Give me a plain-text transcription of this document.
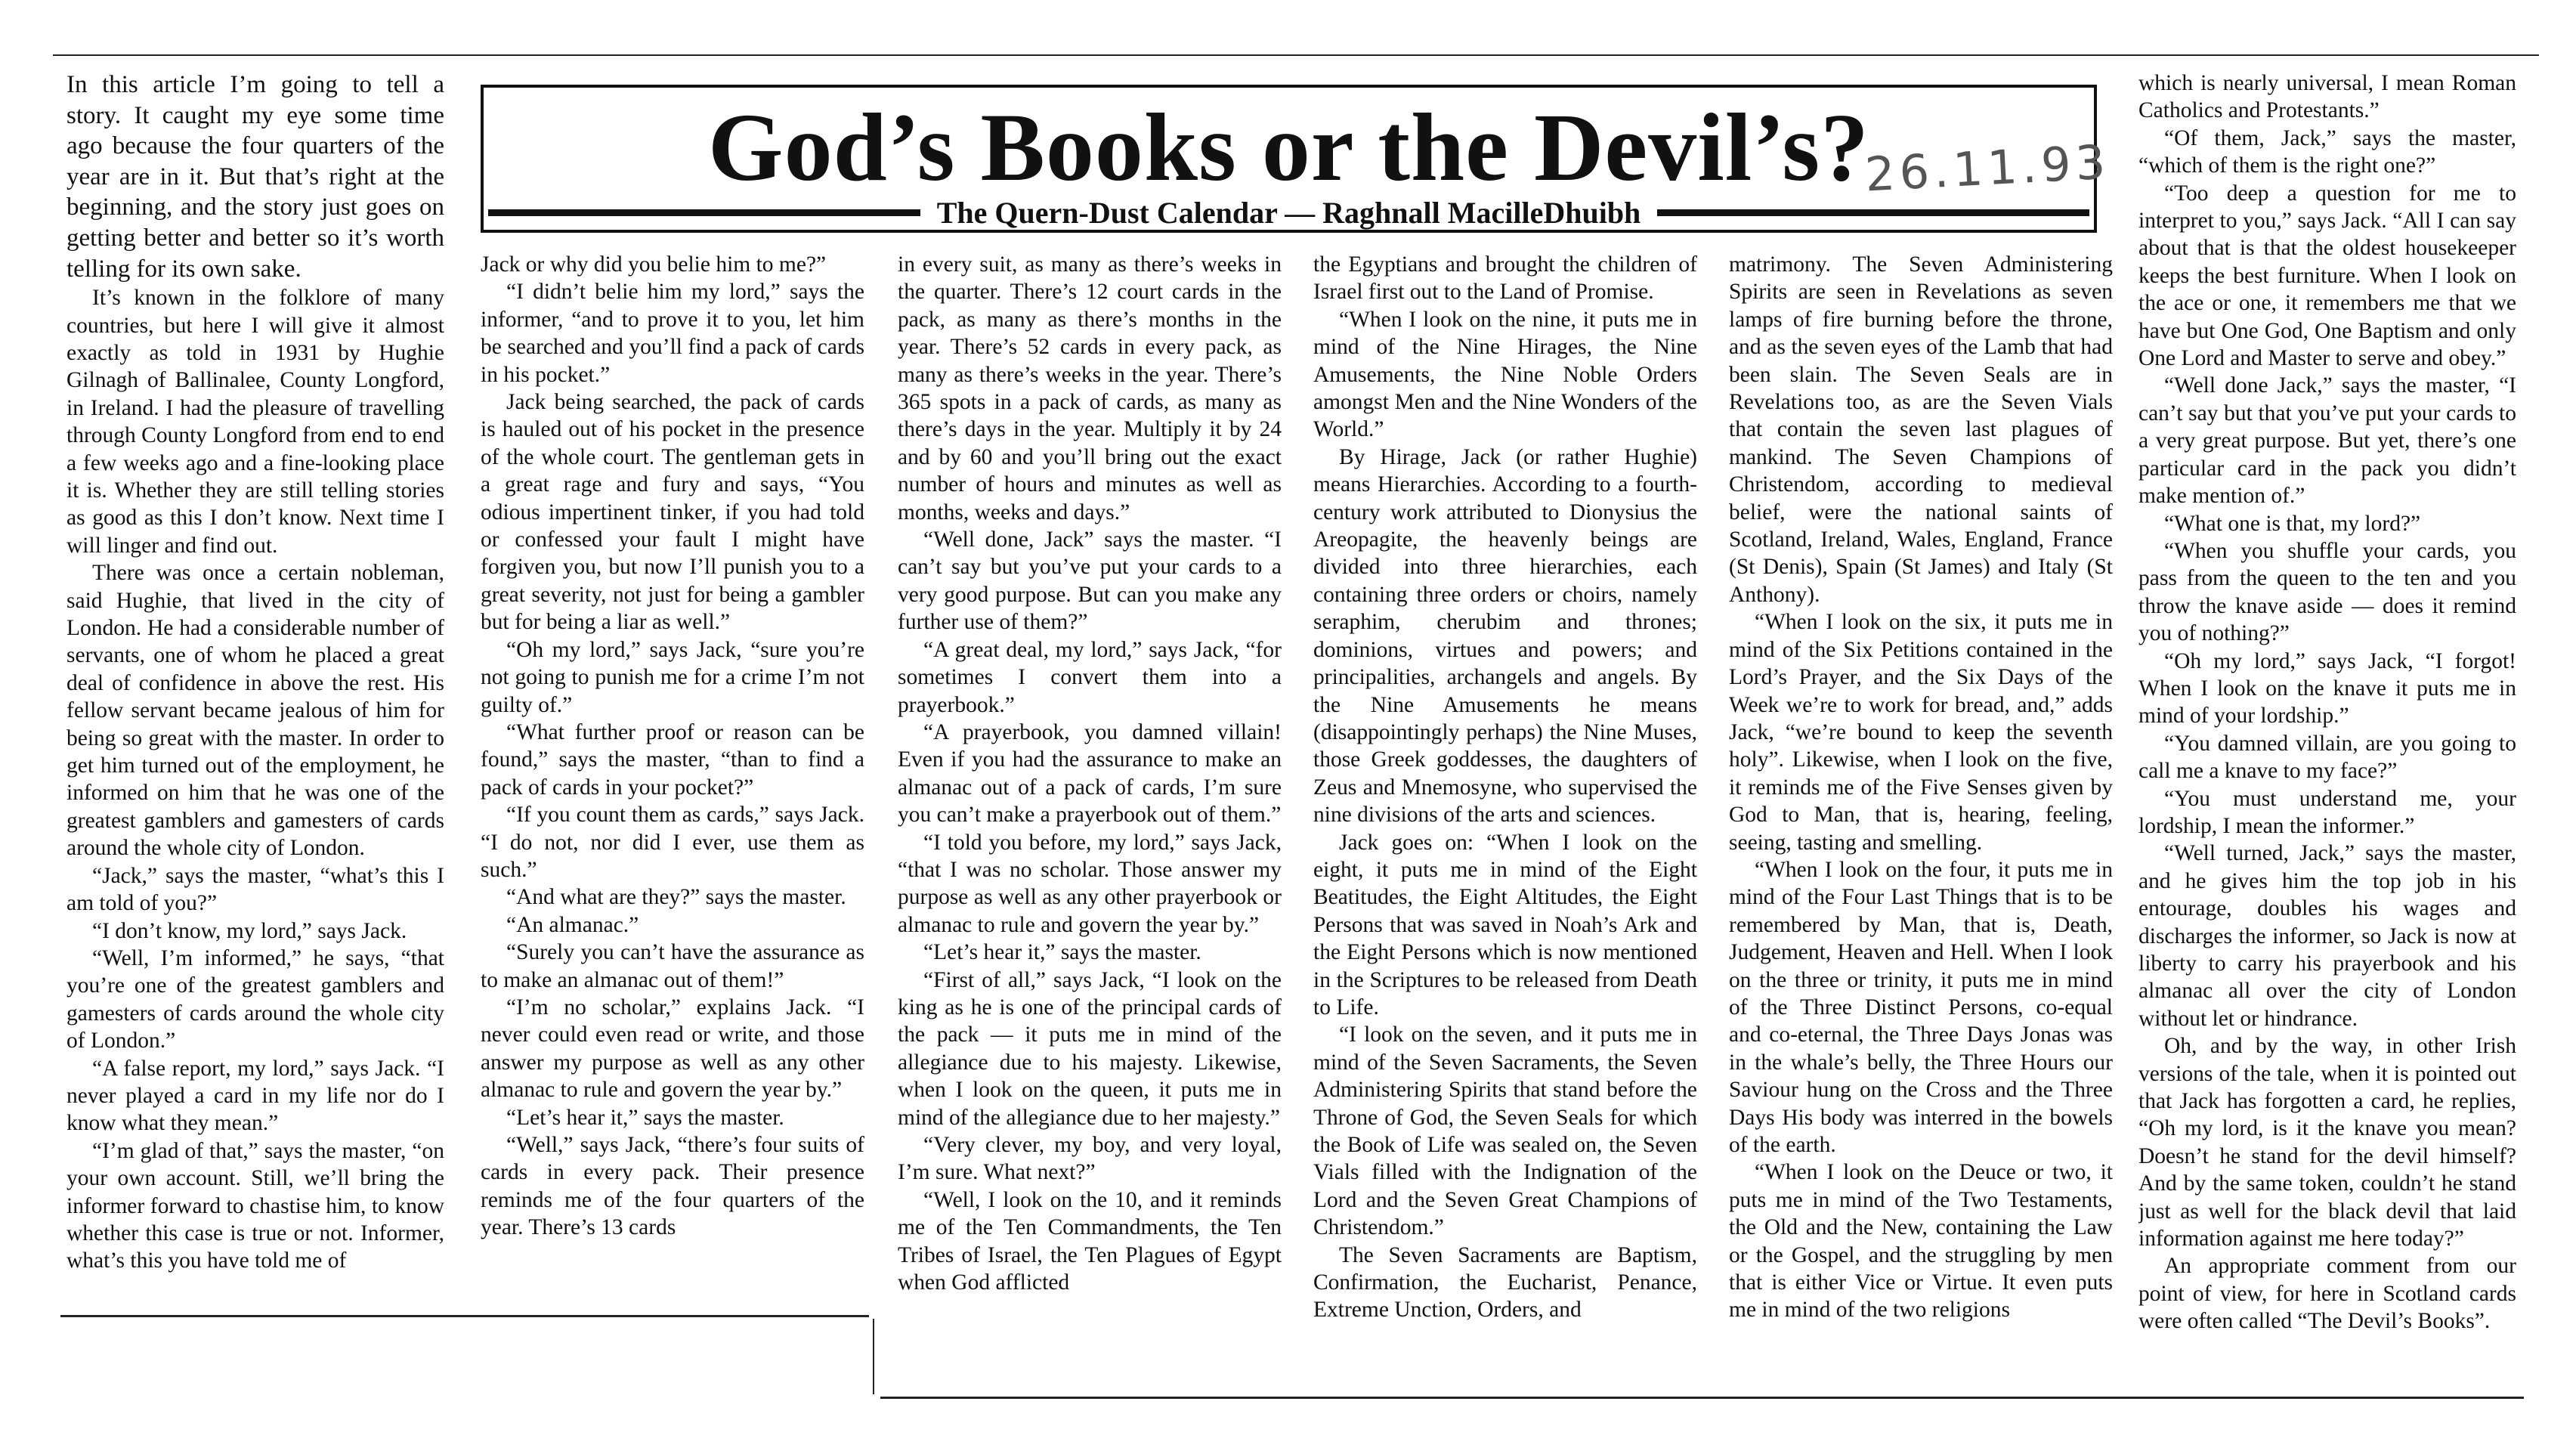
God’s Books or the Devil’s?
The Quern-Dust Calendar — Raghnall MacilleDhuibh
26.11.93

In this article I’m going to tell a story. It caught my eye some time ago because the four quarters of the year are in it. But that’s right at the beginning, and the story just goes on getting better and better so it’s worth telling for its own sake.

It’s known in the folklore of many countries, but here I will give it almost exactly as told in 1931 by Hughie Gilnagh of Ballinalee, County Longford, in Ireland. I had the pleasure of travelling through County Longford from end to end a few weeks ago and a fine-looking place it is. Whether they are still telling stories as good as this I don’t know. Next time I will linger and find out.

There was once a certain nobleman, said Hughie, that lived in the city of London. He had a considerable number of servants, one of whom he placed a great deal of confidence in above the rest. His fellow servant became jealous of him for being so great with the master. In order to get him turned out of the employment, he informed on him that he was one of the greatest gamblers and gamesters of cards around the whole city of London.

“Jack,” says the master, “what’s this I am told of you?”

“I don’t know, my lord,” says Jack.

“Well, I’m informed,” he says, “that you’re one of the greatest gamblers and gamesters of cards around the whole city of London.”

“A false report, my lord,” says Jack. “I never played a card in my life nor do I know what they mean.”

“I’m glad of that,” says the master, “on your own account. Still, we’ll bring the informer forward to chastise him, to know whether this case is true or not. Informer, what’s this you have told me of

Jack or why did you belie him to me?”

“I didn’t belie him my lord,” says the informer, “and to prove it to you, let him be searched and you’ll find a pack of cards in his pocket.”

Jack being searched, the pack of cards is hauled out of his pocket in the presence of the whole court. The gentleman gets in a great rage and fury and says, “You odious impertinent tinker, if you had told or confessed your fault I might have forgiven you, but now I’ll punish you to a great severity, not just for being a gambler but for being a liar as well.”

“Oh my lord,” says Jack, “sure you’re not going to punish me for a crime I’m not guilty of.”

“What further proof or reason can be found,” says the master, “than to find a pack of cards in your pocket?”

“If you count them as cards,” says Jack. “I do not, nor did I ever, use them as such.”

“And what are they?” says the master.

“An almanac.”

“Surely you can’t have the assurance as to make an almanac out of them!”

“I’m no scholar,” explains Jack. “I never could even read or write, and those answer my purpose as well as any other almanac to rule and govern the year by.”

“Let’s hear it,” says the master.

“Well,” says Jack, “there’s four suits of cards in every pack. Their presence reminds me of the four quarters of the year. There’s 13 cards

in every suit, as many as there’s weeks in the quarter. There’s 12 court cards in the pack, as many as there’s months in the year. There’s 52 cards in every pack, as many as there’s weeks in the year. There’s 365 spots in a pack of cards, as many as there’s days in the year. Multiply it by 24 and by 60 and you’ll bring out the exact number of hours and minutes as well as months, weeks and days.”

“Well done, Jack” says the master. “I can’t say but you’ve put your cards to a very good purpose. But can you make any further use of them?”

“A great deal, my lord,” says Jack, “for sometimes I convert them into a prayerbook.”

“A prayerbook, you damned villain! Even if you had the assurance to make an almanac out of a pack of cards, I’m sure you can’t make a prayerbook out of them.”

“I told you before, my lord,” says Jack, “that I was no scholar. Those answer my purpose as well as any other prayerbook or almanac to rule and govern the year by.”

“Let’s hear it,” says the master.

“First of all,” says Jack, “I look on the king as he is one of the principal cards of the pack — it puts me in mind of the allegiance due to his majesty. Likewise, when I look on the queen, it puts me in mind of the allegiance due to her majesty.”

“Very clever, my boy, and very loyal, I’m sure. What next?”

“Well, I look on the 10, and it reminds me of the Ten Commandments, the Ten Tribes of Israel, the Ten Plagues of Egypt when God afflicted

the Egyptians and brought the children of Israel first out to the Land of Promise.

“When I look on the nine, it puts me in mind of the Nine Hirages, the Nine Amusements, the Nine Noble Orders amongst Men and the Nine Wonders of the World.”

By Hirage, Jack (or rather Hughie) means Hierarchies. According to a fourth-century work attributed to Dionysius the Areopagite, the heavenly beings are divided into three hierarchies, each containing three orders or choirs, namely seraphim, cherubim and thrones; dominions, virtues and powers; and principalities, archangels and angels. By the Nine Amusements he means (disappointingly perhaps) the Nine Muses, those Greek goddesses, the daughters of Zeus and Mnemosyne, who supervised the nine divisions of the arts and sciences.

Jack goes on: “When I look on the eight, it puts me in mind of the Eight Beatitudes, the Eight Altitudes, the Eight Persons that was saved in Noah’s Ark and the Eight Persons which is now mentioned in the Scriptures to be released from Death to Life.

“I look on the seven, and it puts me in mind of the Seven Sacraments, the Seven Administering Spirits that stand before the Throne of God, the Seven Seals for which the Book of Life was sealed on, the Seven Vials filled with the Indignation of the Lord and the Seven Great Champions of Christendom.”

The Seven Sacraments are Baptism, Confirmation, the Eucharist, Penance, Extreme Unction, Orders, and

matrimony. The Seven Administering Spirits are seen in Revelations as seven lamps of fire burning before the throne, and as the seven eyes of the Lamb that had been slain. The Seven Seals are in Revelations too, as are the Seven Vials that contain the seven last plagues of mankind. The Seven Champions of Christendom, according to medieval belief, were the national saints of Scotland, Ireland, Wales, England, France (St Denis), Spain (St James) and Italy (St Anthony).

“When I look on the six, it puts me in mind of the Six Petitions contained in the Lord’s Prayer, and the Six Days of the Week we’re to work for bread, and,” adds Jack, “we’re bound to keep the seventh holy”. Likewise, when I look on the five, it reminds me of the Five Senses given by God to Man, that is, hearing, feeling, seeing, tasting and smelling.

“When I look on the four, it puts me in mind of the Four Last Things that is to be remembered by Man, that is, Death, Judgement, Heaven and Hell. When I look on the three or trinity, it puts me in mind of the Three Distinct Persons, co-equal and co-eternal, the Three Days Jonas was in the whale’s belly, the Three Hours our Saviour hung on the Cross and the Three Days His body was interred in the bowels of the earth.

“When I look on the Deuce or two, it puts me in mind of the Two Testaments, the Old and the New, containing the Law or the Gospel, and the struggling by men that is either Vice or Virtue. It even puts me in mind of the two religions

which is nearly universal, I mean Roman Catholics and Protestants.”

“Of them, Jack,” says the master, “which of them is the right one?”

“Too deep a question for me to interpret to you,” says Jack. “All I can say about that is that the oldest housekeeper keeps the best furniture. When I look on the ace or one, it remembers me that we have but One God, One Baptism and only One Lord and Master to serve and obey.”

“Well done Jack,” says the master, “I can’t say but that you’ve put your cards to a very great purpose. But yet, there’s one particular card in the pack you didn’t make mention of.”

“What one is that, my lord?”

“When you shuffle your cards, you pass from the queen to the ten and you throw the knave aside — does it remind you of nothing?”

“Oh my lord,” says Jack, “I forgot! When I look on the knave it puts me in mind of your lordship.”

“You damned villain, are you going to call me a knave to my face?”

“You must understand me, your lordship, I mean the informer.”

“Well turned, Jack,” says the master, and he gives him the top job in his entourage, doubles his wages and discharges the informer, so Jack is now at liberty to carry his prayerbook and his almanac all over the city of London without let or hindrance.

Oh, and by the way, in other Irish versions of the tale, when it is pointed out that Jack has forgotten a card, he replies, “Oh my lord, is it the knave you mean? Doesn’t he stand for the devil himself? And by the same token, couldn’t he stand just as well for the black devil that laid information against me here today?”

An appropriate comment from our point of view, for here in Scotland cards were often called “The Devil’s Books”.
